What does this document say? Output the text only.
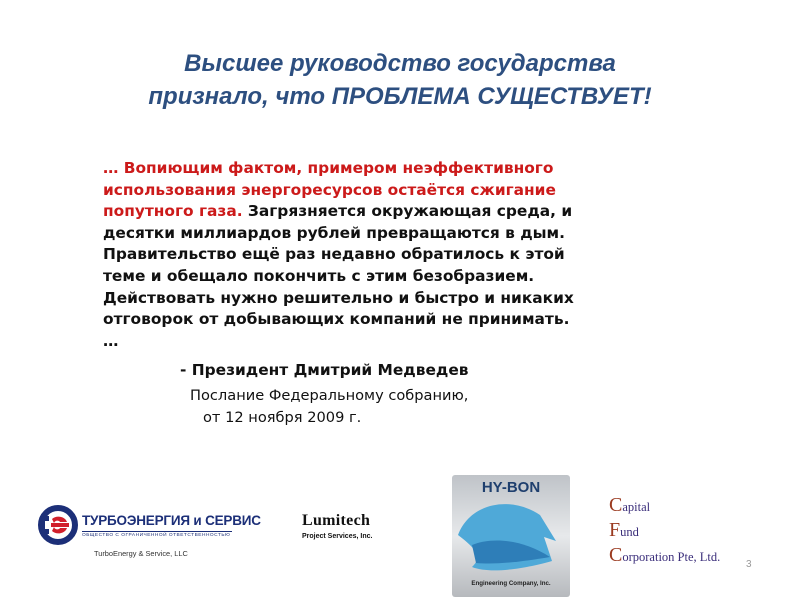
Высшее руководство государства
признало, что ПРОБЛЕМА СУЩЕСТВУЕТ!
… Вопиющим фактом, примером неэффективного
использования энергоресурсов остаётся сжигание
попутного газа. Загрязняется окружающая среда, и
десятки миллиардов рублей превращаются в дым.
Правительство ещё раз недавно обратилось к этой
теме и обещало покончить с этим безобразием.
Действовать нужно решительно и быстро и никаких
отговорок от добывающих компаний не принимать.
…
- Президент Дмитрий Медведев
Послание Федеральному собранию,
от 12 ноября 2009 г.
ТУРБОЭНЕРГИЯ и СЕРВИС
ОБЩЕСТВО С ОГРАНИЧЕННОЙ ОТВЕТСТВЕННОСТЬЮ
TurboEnergy & Service, LLC
Lumitech
Project Services, Inc.
HY-BON
Engineering Company, Inc.
Capital
Fund
Corporation Pte, Ltd.
3
